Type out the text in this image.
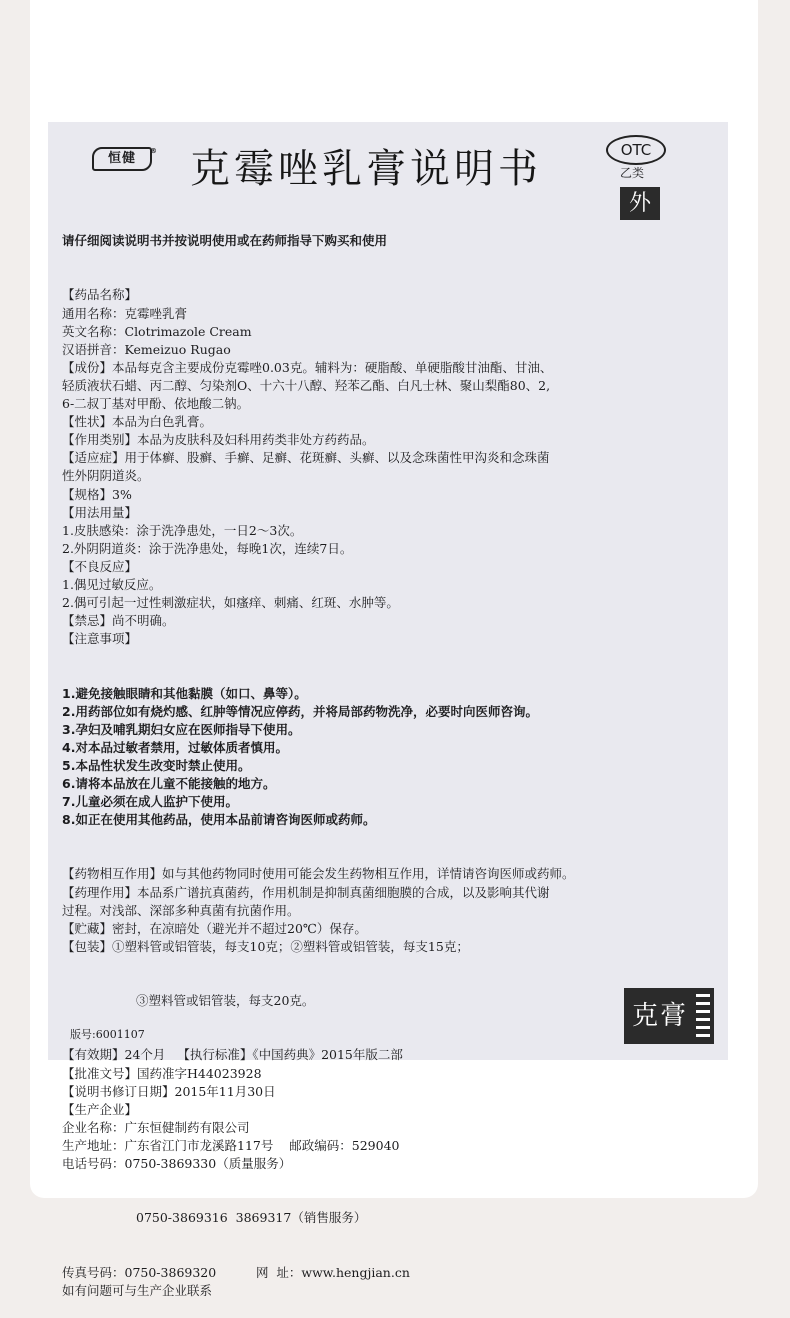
恒健 ® 克霉唑乳膏说明书	OTC
乙类
外

请仔细阅读说明书并按说明使用或在药师指导下购买和使用

【药品名称】
通用名称：克霉唑乳膏
英文名称：Clotrimazole Cream
汉语拼音：Kemeizuo Rugao
【成份】本品每克含主要成份克霉唑0.03克。辅料为：硬脂酸、单硬脂酸甘油酯、甘油、
轻质液状石蜡、丙二醇、匀染剂O、十六十八醇、羟苯乙酯、白凡士林、聚山梨酯80、2,
6-二叔丁基对甲酚、依地酸二钠。
【性状】本品为白色乳膏。
【作用类别】本品为皮肤科及妇科用药类非处方药药品。
【适应症】用于体癣、股癣、手癣、足癣、花斑癣、头癣、以及念珠菌性甲沟炎和念珠菌
性外阴阴道炎。
【规格】3%
【用法用量】
1.皮肤感染：涂于洗净患处，一日2～3次。
2.外阴阴道炎：涂于洗净患处，每晚1次，连续7日。
【不良反应】
1.偶见过敏反应。
2.偶可引起一过性刺激症状，如瘙痒、刺痛、红斑、水肿等。
【禁忌】尚不明确。
【注意事项】

1.避免接触眼睛和其他黏膜（如口、鼻等）。
2.用药部位如有烧灼感、红肿等情况应停药，并将局部药物洗净，必要时向医师咨询。
3.孕妇及哺乳期妇女应在医师指导下使用。
4.对本品过敏者禁用，过敏体质者慎用。
5.本品性状发生改变时禁止使用。
6.请将本品放在儿童不能接触的地方。
7.儿童必须在成人监护下使用。
8.如正在使用其他药品，使用本品前请咨询医师或药师。

【药物相互作用】如与其他药物同时使用可能会发生药物相互作用，详情请咨询医师或药师。
【药理作用】本品系广谱抗真菌药，作用机制是抑制真菌细胞膜的合成，以及影响其代谢
过程。对浅部、深部多种真菌有抗菌作用。
【贮藏】密封，在凉暗处（避光并不超过20℃）保存。
【包装】①塑料管或铝管装，每支10克；②塑料管或铝管装，每支15克；

③塑料管或铝管装，每支20克。

【有效期】24个月   【执行标准】《中国药典》2015年版二部
【批准文号】国药准字H44023928
【说明书修订日期】2015年11月30日
【生产企业】
企业名称：广东恒健制药有限公司
生产地址：广东省江门市龙溪路117号    邮政编码：529040
电话号码：0750-3869330（质量服务）

0750-3869316  3869317（销售服务）

传真号码：0750-3869320          网  址：www.hengjian.cn
如有问题可与生产企业联系

版号:6001107
克膏
